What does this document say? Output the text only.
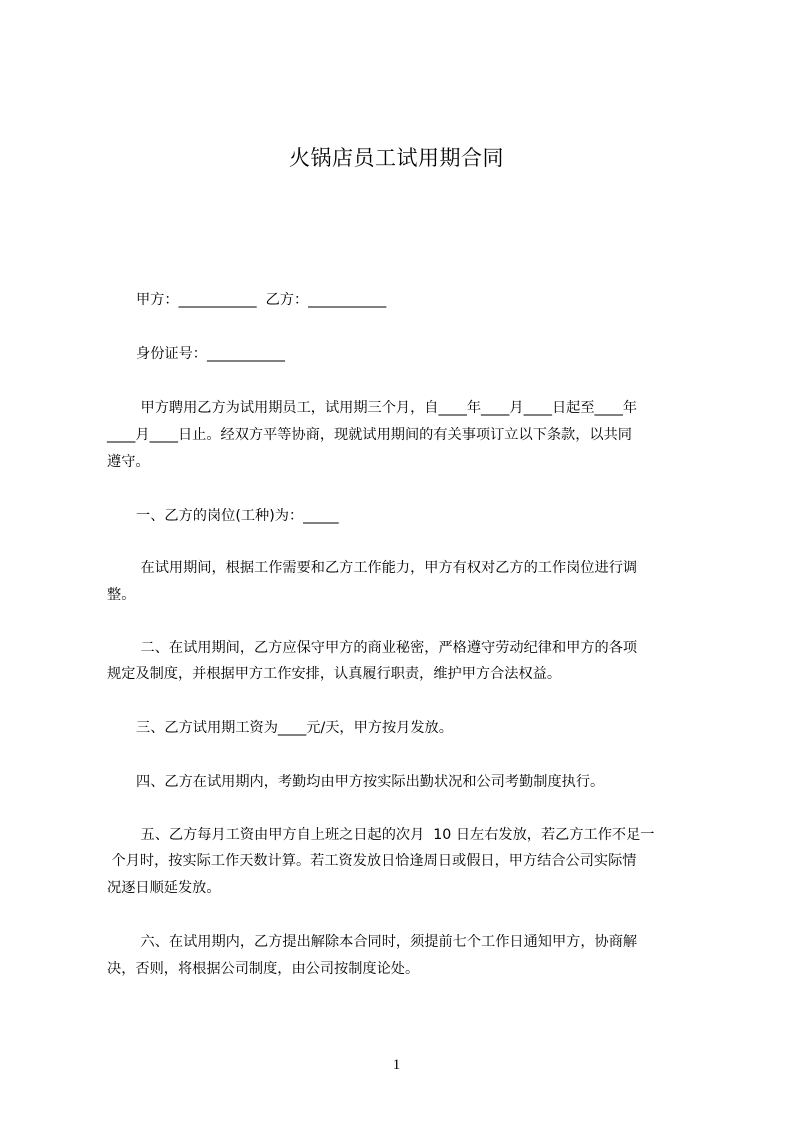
火锅店员工试用期合同
甲方：___________  乙方：___________
身份证号：___________
甲方聘用乙方为试用期员工，试用期三个月，自____年____月____日起至____年
____月____日止。经双方平等协商，现就试用期间的有关事项订立以下条款，以共同
遵守。
一、乙方的岗位(工种)为：_____
在试用期间，根据工作需要和乙方工作能力，甲方有权对乙方的工作岗位进行调
整。
二、在试用期间，乙方应保守甲方的商业秘密，严格遵守劳动纪律和甲方的各项
规定及制度，并根据甲方工作安排，认真履行职责，维护甲方合法权益。
三、乙方试用期工资为____元/天，甲方按月发放。
四、乙方在试用期内，考勤均由甲方按实际出勤状况和公司考勤制度执行。
五、乙方每月工资由甲方自上班之日起的次月  10 日左右发放，若乙方工作不足一
个月时，按实际工作天数计算。若工资发放日恰逢周日或假日，甲方结合公司实际情
况逐日顺延发放。
六、在试用期内，乙方提出解除本合同时，须提前七个工作日通知甲方，协商解
决，否则，将根据公司制度，由公司按制度论处。
1
